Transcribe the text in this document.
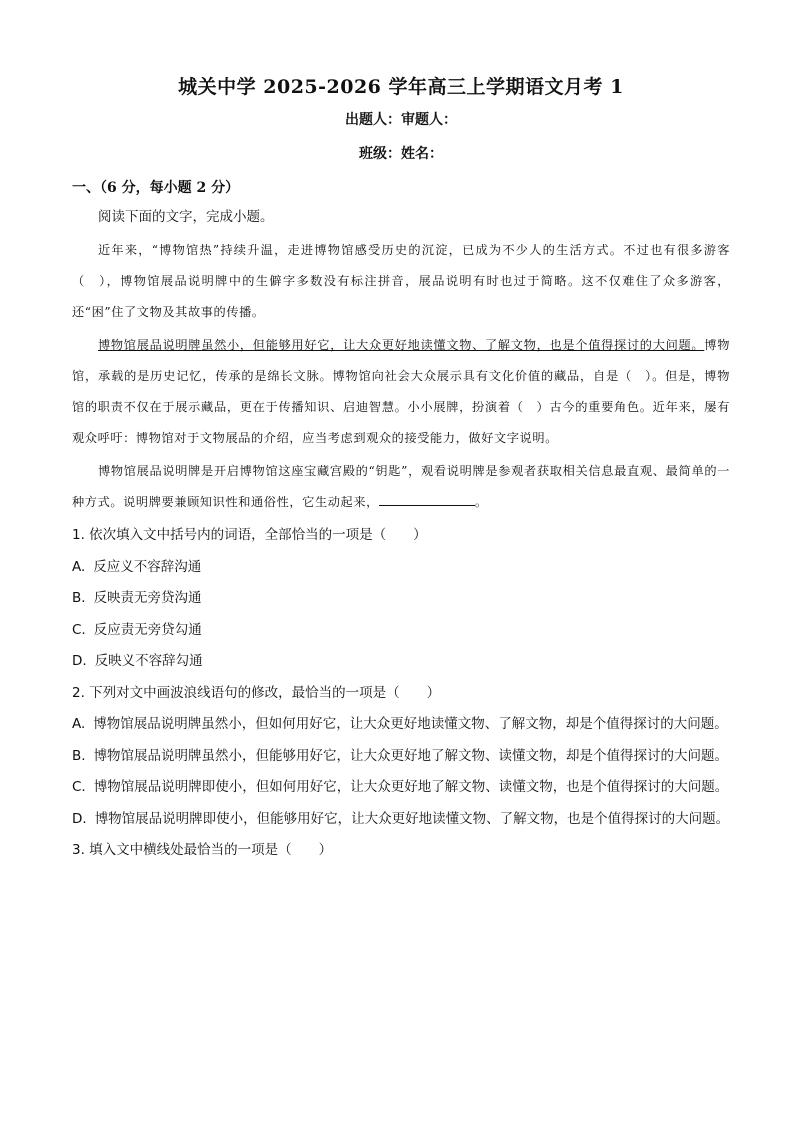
城关中学 2025-2026 学年高三上学期语文月考 1
出题人：审题人：
班级：姓名：
一、（6 分，每小题 2 分）
阅读下面的文字，完成小题。

近年来，“博物馆热”持续升温，走进博物馆感受历史的沉淀，已成为不少人的生活方式。不过也有很多游客（　），博物馆展品说明牌中的生僻字多数没有标注拼音，展品说明有时也过于简略。这不仅难住了众多游客，还“困”住了文物及其故事的传播。

博物馆展品说明牌虽然小，但能够用好它，让大众更好地读懂文物、了解文物，也是个值得探讨的大问题。博物馆，承载的是历史记忆，传承的是绵长文脉。博物馆向社会大众展示具有文化价值的藏品，自是（　）。但是，博物馆的职责不仅在于展示藏品，更在于传播知识、启迪智慧。小小展牌，扮演着（　）古今的重要角色。近年来，屡有观众呼吁：博物馆对于文物展品的介绍，应当考虑到观众的接受能力，做好文字说明。

博物馆展品说明牌是开启博物馆这座宝藏宫殿的“钥匙”，观看说明牌是参观者获取相关信息最直观、最简单的一种方式。说明牌要兼顾知识性和通俗性，它生动起来，	。

1. 依次填入文中括号内的词语，全部恰当的一项是（　　）

A. 反应义不容辞沟通

B. 反映责无旁贷沟通

C. 反应责无旁贷勾通

D. 反映义不容辞勾通

2. 下列对文中画波浪线语句的修改，最恰当的一项是（　　）

A. 博物馆展品说明牌虽然小，但如何用好它，让大众更好地读懂文物、了解文物，却是个值得探讨的大问题。

B. 博物馆展品说明牌虽然小，但能够用好它，让大众更好地了解文物、读懂文物，却是个值得探讨的大问题。

C. 博物馆展品说明牌即使小，但如何用好它，让大众更好地了解文物、读懂文物，也是个值得探讨的大问题。

D. 博物馆展品说明牌即使小，但能够用好它，让大众更好地读懂文物、了解文物，也是个值得探讨的大问题。

3. 填入文中横线处最恰当的一项是（　　）
